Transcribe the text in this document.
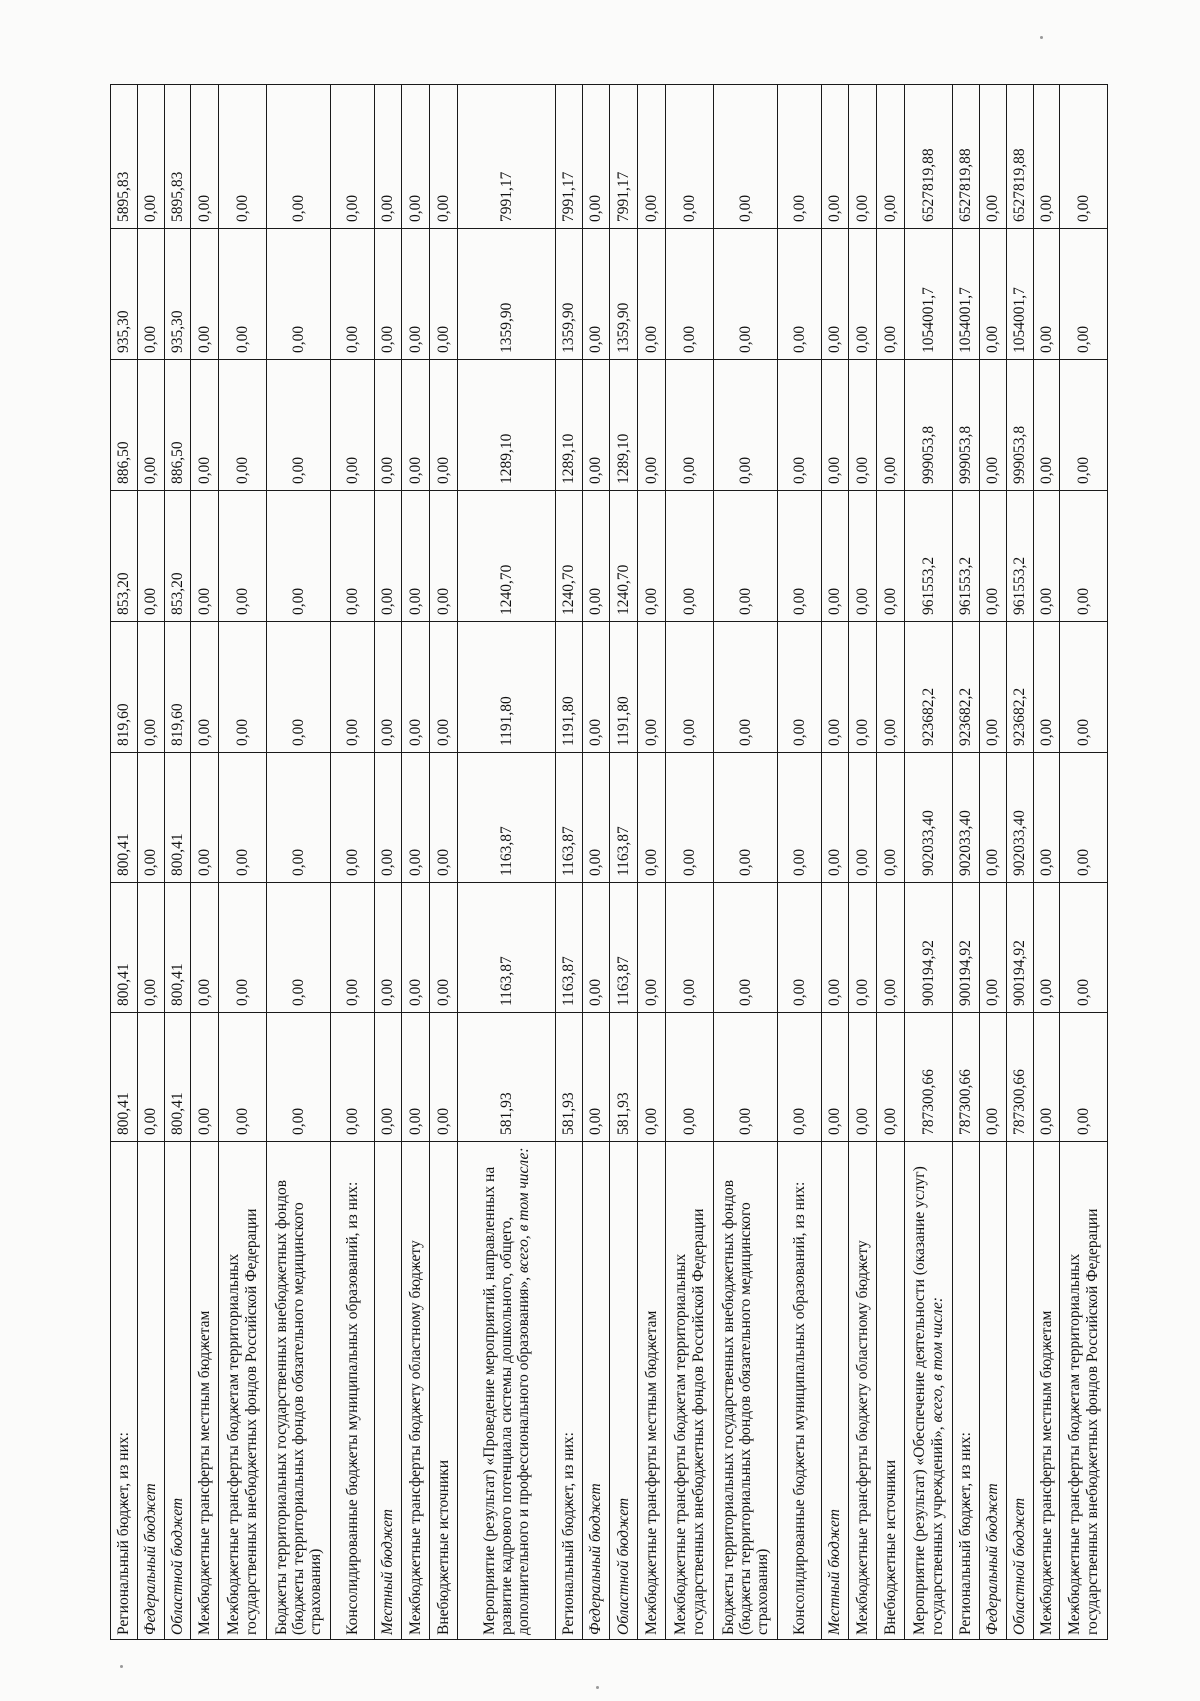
Региональный бюджет, из них:	800,41	800,41	800,41	819,60	853,20	886,50	935,30	5895,83
Федеральный бюджет	0,00	0,00	0,00	0,00	0,00	0,00	0,00	0,00
Областной бюджет	800,41	800,41	800,41	819,60	853,20	886,50	935,30	5895,83
Межбюджетные трансферты местным бюджетам	0,00	0,00	0,00	0,00	0,00	0,00	0,00	0,00
Межбюджетные трансферты бюджетам территориальных государственных внебюджетных фондов Российской Федерации	0,00	0,00	0,00	0,00	0,00	0,00	0,00	0,00
Бюджеты территориальных государственных внебюджетных фондов (бюджеты территориальных фондов обязательного медицинского страхования)	0,00	0,00	0,00	0,00	0,00	0,00	0,00	0,00
Консолидированные бюджеты муниципальных образований, из них:	0,00	0,00	0,00	0,00	0,00	0,00	0,00	0,00
Местный бюджет	0,00	0,00	0,00	0,00	0,00	0,00	0,00	0,00
Межбюджетные трансферты бюджету областному бюджету	0,00	0,00	0,00	0,00	0,00	0,00	0,00	0,00
Внебюджетные источники	0,00	0,00	0,00	0,00	0,00	0,00	0,00	0,00
Мероприятие (результат) «Проведение мероприятий, направленных на развитие кадрового потенциала системы дошкольного, общего, дополнительного и профессионального образования», всего, в том числе:	581,93	1163,87	1163,87	1191,80	1240,70	1289,10	1359,90	7991,17
Региональный бюджет, из них:	581,93	1163,87	1163,87	1191,80	1240,70	1289,10	1359,90	7991,17
Федеральный бюджет	0,00	0,00	0,00	0,00	0,00	0,00	0,00	0,00
Областной бюджет	581,93	1163,87	1163,87	1191,80	1240,70	1289,10	1359,90	7991,17
Межбюджетные трансферты местным бюджетам	0,00	0,00	0,00	0,00	0,00	0,00	0,00	0,00
Межбюджетные трансферты бюджетам территориальных государственных внебюджетных фондов Российской Федерации	0,00	0,00	0,00	0,00	0,00	0,00	0,00	0,00
Бюджеты территориальных государственных внебюджетных фондов (бюджеты территориальных фондов обязательного медицинского страхования)	0,00	0,00	0,00	0,00	0,00	0,00	0,00	0,00
Консолидированные бюджеты муниципальных образований, из них:	0,00	0,00	0,00	0,00	0,00	0,00	0,00	0,00
Местный бюджет	0,00	0,00	0,00	0,00	0,00	0,00	0,00	0,00
Межбюджетные трансферты бюджету областному бюджету	0,00	0,00	0,00	0,00	0,00	0,00	0,00	0,00
Внебюджетные источники	0,00	0,00	0,00	0,00	0,00	0,00	0,00	0,00
Мероприятие (результат) «Обеспечение деятельности (оказание услуг) государственных учреждений», всего, в том числе:	787300,66	900194,92	902033,40	923682,2	961553,2	999053,8	1054001,7	6527819,88
Региональный бюджет, из них:	787300,66	900194,92	902033,40	923682,2	961553,2	999053,8	1054001,7	6527819,88
Федеральный бюджет	0,00	0,00	0,00	0,00	0,00	0,00	0,00	0,00
Областной бюджет	787300,66	900194,92	902033,40	923682,2	961553,2	999053,8	1054001,7	6527819,88
Межбюджетные трансферты местным бюджетам	0,00	0,00	0,00	0,00	0,00	0,00	0,00	0,00
Межбюджетные трансферты бюджетам территориальных государственных внебюджетных фондов Российской Федерации	0,00	0,00	0,00	0,00	0,00	0,00	0,00	0,00
